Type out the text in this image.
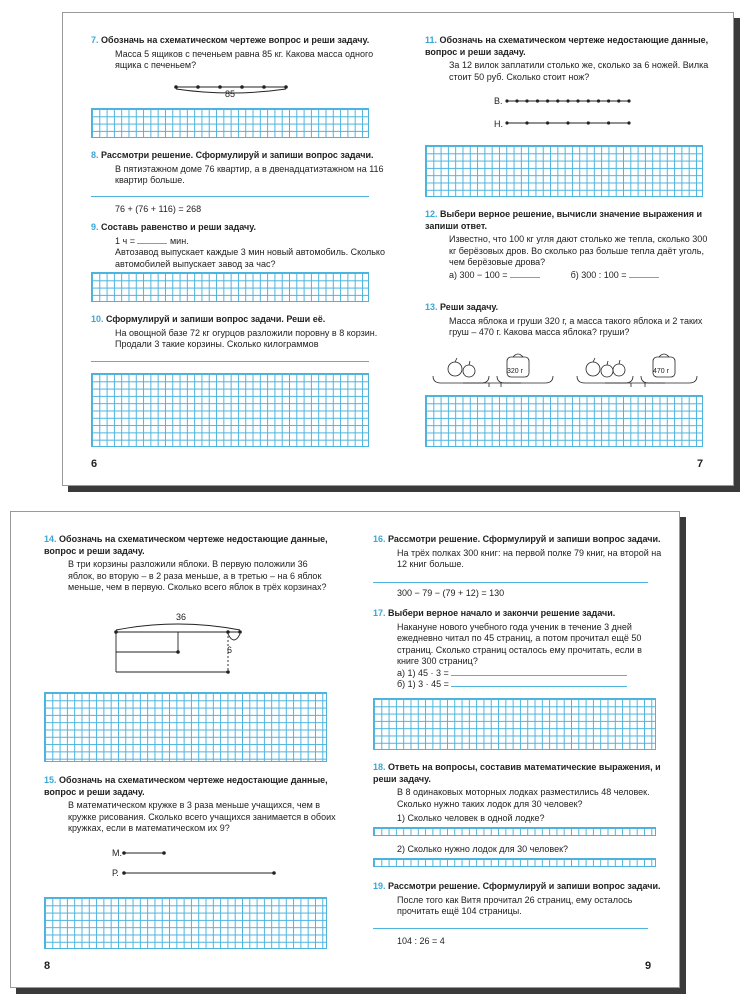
7. Обозначь на схематическом чертеже вопрос и реши задачу.
Масса 5 ящиков с печеньем равна 85 кг. Какова масса одного ящика с печеньем?
85
8. Рассмотри решение. Сформулируй и запиши вопрос задачи.
В пятиэтажном доме 76 квартир, а в двенадцатиэтажном на 116 квартир больше.
76 + (76 + 116) = 268
9. Составь равенство и реши задачу.
1 ч =	мин.
Автозавод выпускает каждые 3 мин новый автомобиль. Сколько автомобилей выпускает завод за час?
10. Сформулируй и запиши вопрос задачи. Реши её.
На овощной базе 72 кг огурцов разложили поровну в 8 корзин. Продали 3 такие корзины. Сколько килограммов
6
11. Обозначь на схематическом чертеже недостающие данные, вопрос и реши задачу.
За 12 вилок заплатили столько же, сколько за 6 ножей. Вилка стоит 50 руб. Сколько стоит нож?
В.
Н.
12. Выбери верное решение, вычисли значение выражения и запиши ответ.
Известно, что 100 кг угля дают столько же тепла, сколько 300 кг берёзовых дров. Во сколько раз больше тепла даёт уголь, чем берёзовые дрова?
а) 300 − 100 =	б) 300 : 100 =
13. Реши задачу.
Масса яблока и груши 320 г, а масса такого яблока и 2 таких груш – 470 г. Какова масса яблока? груши?
320 г	470 г
7
14. Обозначь на схематическом чертеже недостающие данные, вопрос и реши задачу.
В три корзины разложили яблоки. В первую положили 36 яблок, во вторую – в 2 раза меньше, а в третью – на 6 яблок меньше, чем в первую. Сколько всего яблок в трёх корзинах?
36
6
15. Обозначь на схематическом чертеже недостающие данные, вопрос и реши задачу.
В математическом кружке в 3 раза меньше учащихся, чем в кружке рисования. Сколько всего учащихся занимается в обоих кружках, если в математическом их 9?
М.
Р.
8
16. Рассмотри решение. Сформулируй и запиши вопрос задачи.
На трёх полках 300 книг: на первой полке 79 книг, на второй на 12 книг больше.
300 − 79 − (79 + 12) = 130
17. Выбери верное начало и закончи решение задачи.
Накануне нового учебного года ученик в течение 3 дней ежедневно читал по 45 страниц, а потом прочитал ещё 50 страниц. Сколько страниц осталось ему прочитать, если в книге 300 страниц?
а) 1) 45 · 3 =
б) 1) 3 · 45 =
18. Ответь на вопросы, составив математические выражения, и реши задачу.
В 8 одинаковых моторных лодках разместились 48 человек. Сколько нужно таких лодок для 30 человек?
1) Сколько человек в одной лодке?
2) Сколько нужно лодок для 30 человек?
19. Рассмотри решение. Сформулируй и запиши вопрос задачи.
После того как Витя прочитал 26 страниц, ему осталось прочитать ещё 104 страницы.
104 : 26 = 4
9
